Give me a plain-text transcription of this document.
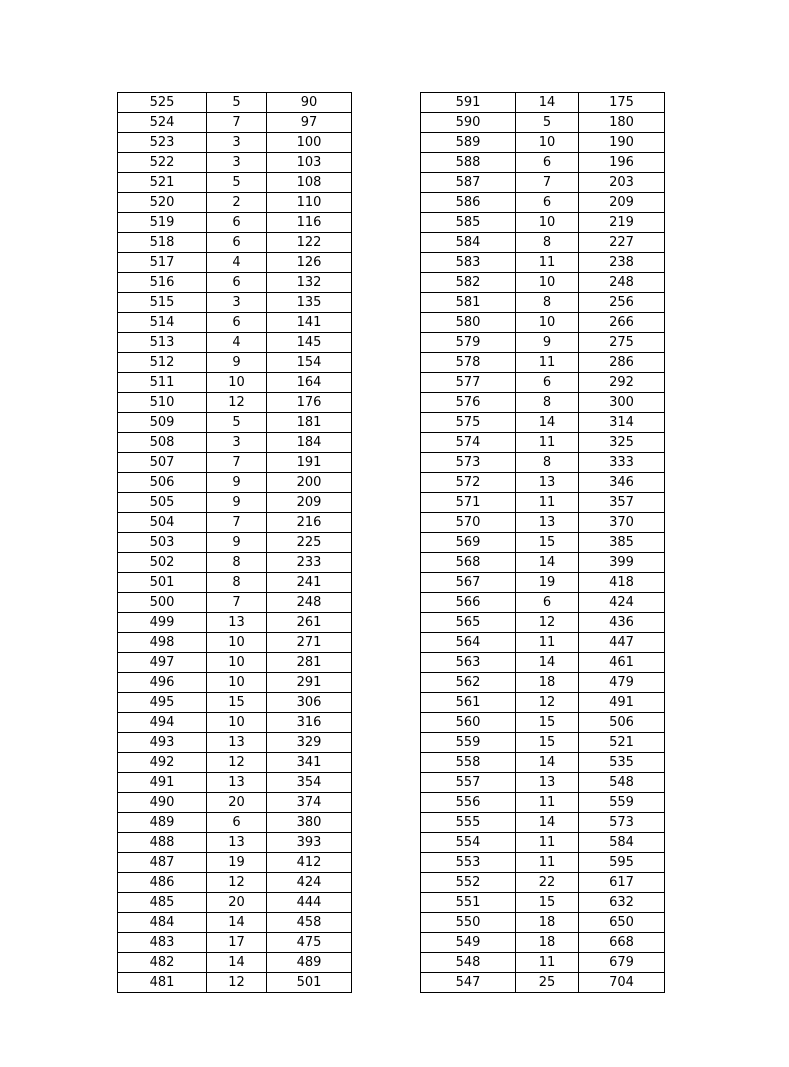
525	5	90
524	7	97
523	3	100
522	3	103
521	5	108
520	2	110
519	6	116
518	6	122
517	4	126
516	6	132
515	3	135
514	6	141
513	4	145
512	9	154
511	10	164
510	12	176
509	5	181
508	3	184
507	7	191
506	9	200
505	9	209
504	7	216
503	9	225
502	8	233
501	8	241
500	7	248
499	13	261
498	10	271
497	10	281
496	10	291
495	15	306
494	10	316
493	13	329
492	12	341
491	13	354
490	20	374
489	6	380
488	13	393
487	19	412
486	12	424
485	20	444
484	14	458
483	17	475
482	14	489
481	12	501
591	14	175
590	5	180
589	10	190
588	6	196
587	7	203
586	6	209
585	10	219
584	8	227
583	11	238
582	10	248
581	8	256
580	10	266
579	9	275
578	11	286
577	6	292
576	8	300
575	14	314
574	11	325
573	8	333
572	13	346
571	11	357
570	13	370
569	15	385
568	14	399
567	19	418
566	6	424
565	12	436
564	11	447
563	14	461
562	18	479
561	12	491
560	15	506
559	15	521
558	14	535
557	13	548
556	11	559
555	14	573
554	11	584
553	11	595
552	22	617
551	15	632
550	18	650
549	18	668
548	11	679
547	25	704
